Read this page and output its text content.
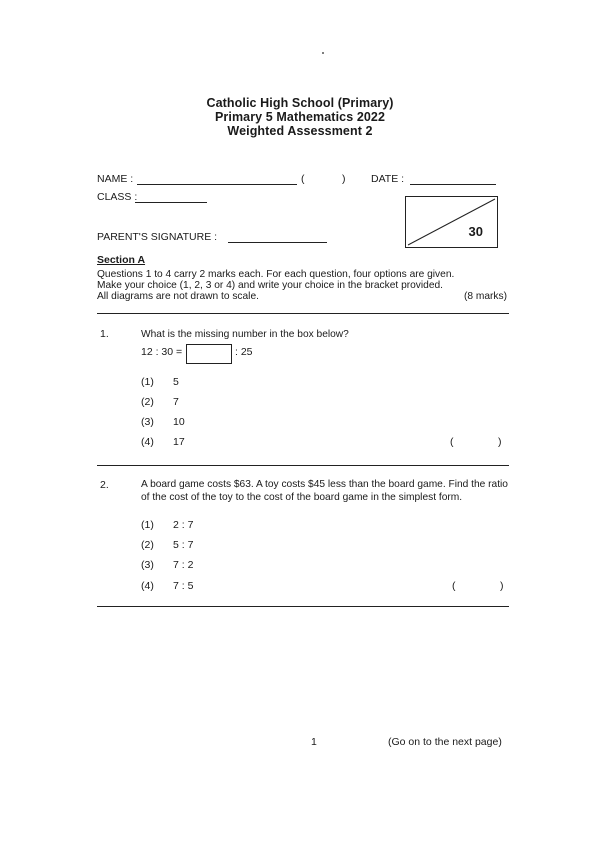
Catholic High School (Primary)
Primary 5 Mathematics 2022
Weighted Assessment 2
NAME :	(	) DATE :
CLASS :
PARENT'S SIGNATURE :	30
Section A
Questions 1 to 4 carry 2 marks each. For each question, four options are given.
Make your choice (1, 2, 3 or 4) and write your choice in the bracket provided.
All diagrams are not drawn to scale.	(8 marks)
1.	What is the missing number in the box below?
12 : 30 =	: 25
(1) 5
(2) 7
(3) 10
(4) 17	(	)
2.	A board game costs $63. A toy costs $45 less than the board game. Find the ratio of the cost of the toy to the cost of the board game in the simplest form.
(1) 2 : 7
(2) 5 : 7
(3) 7 : 2
(4) 7 : 5	(	)
1	(Go on to the next page)
